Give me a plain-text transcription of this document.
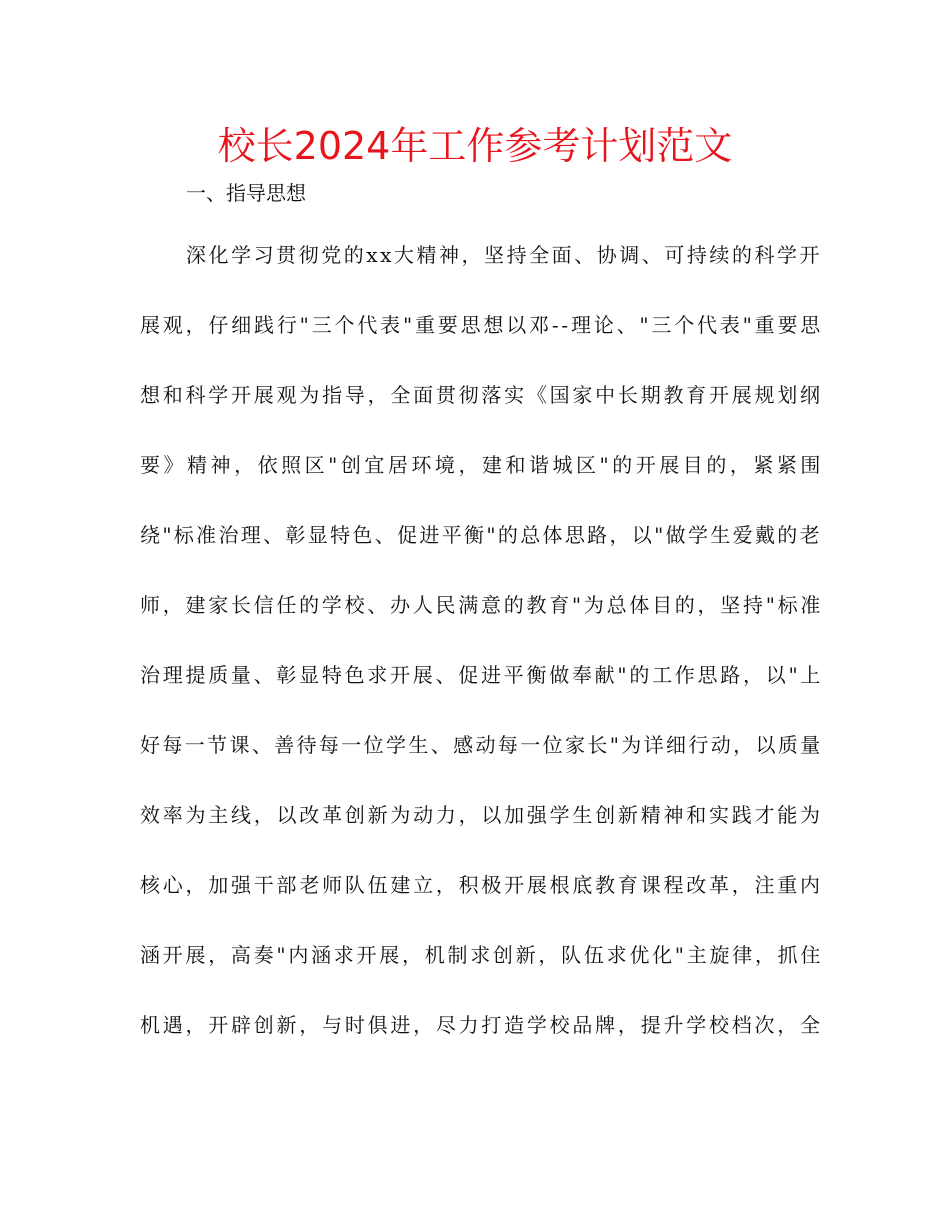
校长2024年工作参考计划范文
一、指导思想
深化学习贯彻党的xx大精神，坚持全面、协调、可持续的科学开
展观，仔细践行"三个代表"重要思想以邓--理论、"三个代表"重要思
想和科学开展观为指导，全面贯彻落实《国家中长期教育开展规划纲
要》精神，依照区"创宜居环境，建和谐城区"的开展目的，紧紧围
绕"标准治理、彰显特色、促进平衡"的总体思路，以"做学生爱戴的老
师，建家长信任的学校、办人民满意的教育"为总体目的，坚持"标准
治理提质量、彰显特色求开展、促进平衡做奉献"的工作思路，以"上
好每一节课、善待每一位学生、感动每一位家长"为详细行动，以质量
效率为主线，以改革创新为动力，以加强学生创新精神和实践才能为
核心，加强干部老师队伍建立，积极开展根底教育课程改革，注重内
涵开展，高奏"内涵求开展，机制求创新，队伍求优化"主旋律，抓住
机遇，开辟创新，与时俱进，尽力打造学校品牌，提升学校档次，全
